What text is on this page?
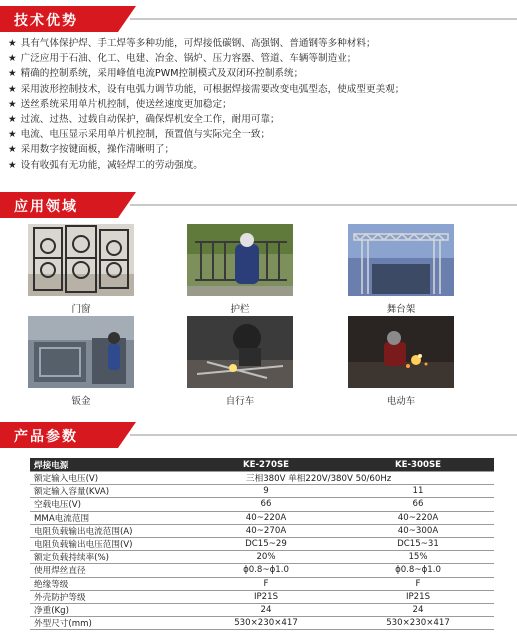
技术优势
★ 具有气体保护焊、手工焊等多种功能，可焊接低碳钢、高强钢、普通钢等多种材料；
★ 广泛应用于石油、化工、电建、冶金、锅炉、压力容器、管道、车辆等制造业；
★ 精确的控制系统，采用峰值电流PWM控制模式及双闭环控制系统；
★ 采用波形控制技术，设有电弧力调节功能，可根据焊接需要改变电弧型态，使成型更美观；
★ 送丝系统采用单片机控制，使送丝速度更加稳定；
★ 过流、过热、过载自动保护，确保焊机安全工作，耐用可靠；
★ 电流、电压显示采用单片机控制，预置值与实际完全一致；
★ 采用数字按键面板，操作清晰明了；
★ 设有收弧有无功能，减轻焊工的劳动强度。
应用领域
门窗	护栏	舞台架
钣金	自行车	电动车
产品参数
焊接电源	KE-270SE	KE-300SE
额定输入电压(V)	三相380V 单相220V/380V 50/60Hz	
额定输入容量(KVA)	9	11
空载电压(V)	66	66
MMA电流范围	40~220A	40~220A
电阻负载输出电流范围(A)	40~270A	40~300A
电阻负载输出电压范围(V)	DC15~29	DC15~31
额定负载持续率(%)	20%	15%
使用焊丝直径	ϕ0.8~ϕ1.0	ϕ0.8~ϕ1.0
绝缘等级	F	F
外壳防护等级	IP21S	IP21S
净重(Kg)	24	24
外型尺寸(mm)	530×230×417	530×230×417
